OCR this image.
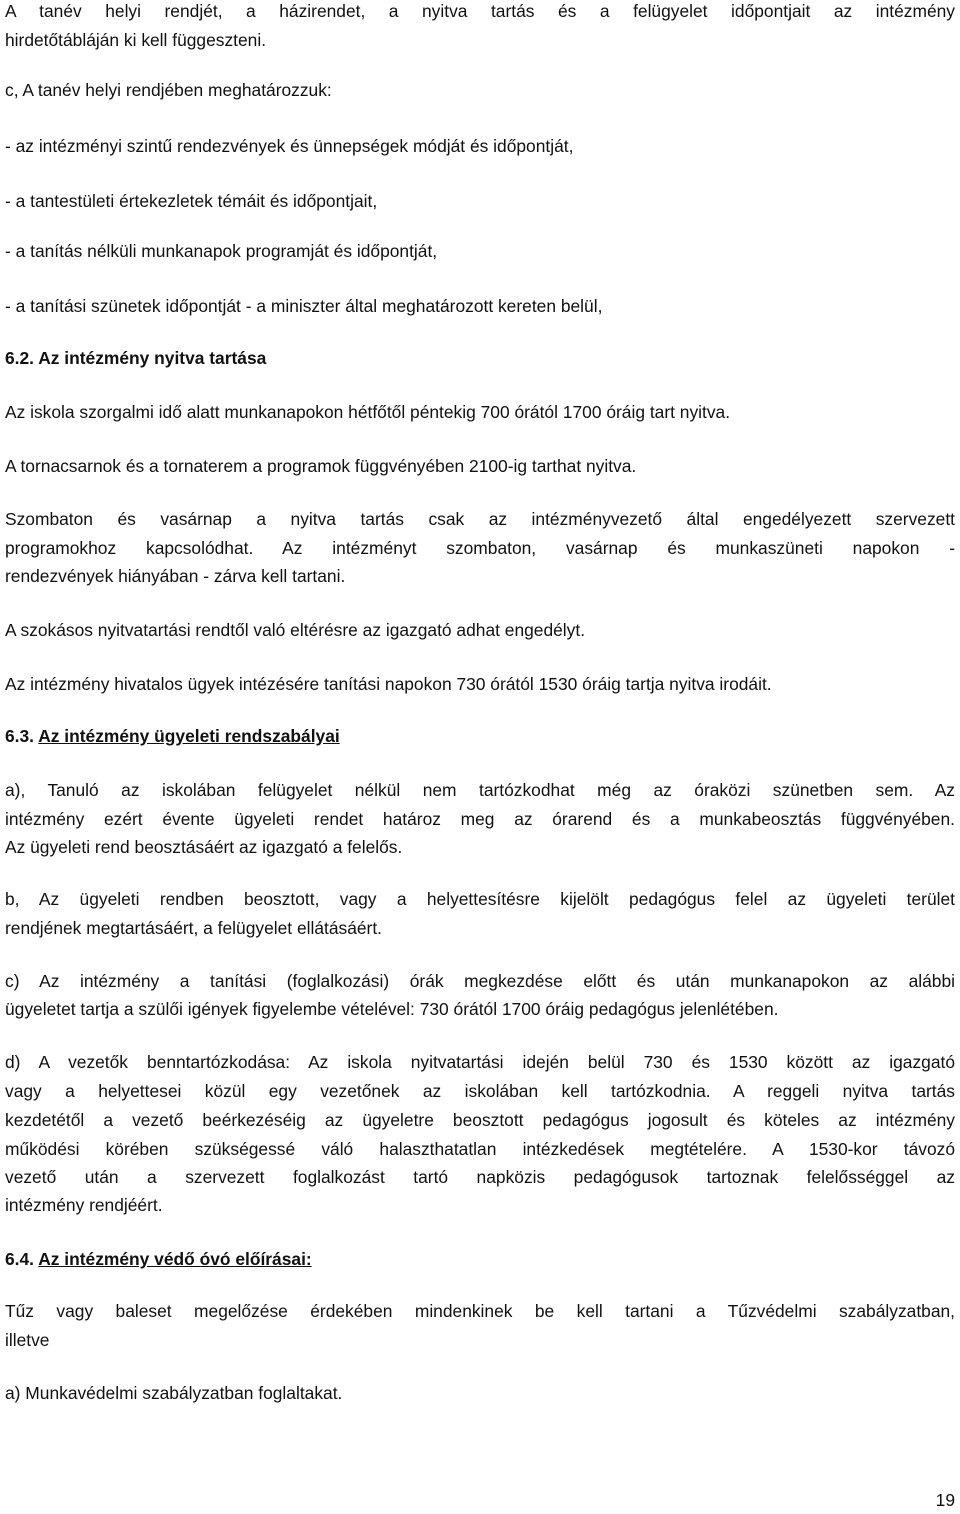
A tanév helyi rendjét, a házirendet, a nyitva tartás és a felügyelet időpontjait az intézmény
hirdetőtábláján ki kell függeszteni.
c, A tanév helyi rendjében meghatározzuk:
- az intézményi szintű rendezvények és ünnepségek módját és időpontját,
- a tantestületi értekezletek témáit és időpontjait,
- a tanítás nélküli munkanapok programját és időpontját,
- a tanítási szünetek időpontját - a miniszter által meghatározott kereten belül,
6.2. Az intézmény nyitva tartása
Az iskola szorgalmi idő alatt munkanapokon hétfőtől péntekig 700 órától 1700 óráig tart nyitva.
A tornacsarnok és a tornaterem a programok függvényében 2100-ig tarthat nyitva.
Szombaton és vasárnap a nyitva tartás csak az intézményvezető által engedélyezett szervezett
programokhoz kapcsolódhat. Az intézményt szombaton, vasárnap és munkaszüneti napokon -
rendezvények hiányában - zárva kell tartani.
A szokásos nyitvatartási rendtől való eltérésre az igazgató adhat engedélyt.
Az intézmény hivatalos ügyek intézésére tanítási napokon 730 órától 1530 óráig tartja nyitva irodáit.
6.3. Az intézmény ügyeleti rendszabályai
a), Tanuló az iskolában felügyelet nélkül nem tartózkodhat még az óraközi szünetben sem. Az
intézmény ezért évente ügyeleti rendet határoz meg az órarend és a munkabeosztás függvényében.
Az ügyeleti rend beosztásáért az igazgató a felelős.
b, Az ügyeleti rendben beosztott, vagy a helyettesítésre kijelölt pedagógus felel az ügyeleti terület
rendjének megtartásáért, a felügyelet ellátásáért.
c) Az intézmény a tanítási (foglalkozási) órák megkezdése előtt és után munkanapokon az alábbi
ügyeletet tartja a szülői igények figyelembe vételével: 730 órától 1700 óráig pedagógus jelenlétében.
d) A vezetők benntartózkodása: Az iskola nyitvatartási idején belül 730 és 1530 között az igazgató
vagy a helyettesei közül egy vezetőnek az iskolában kell tartózkodnia. A reggeli nyitva tartás
kezdetétől a vezető beérkezéséig az ügyeletre beosztott pedagógus jogosult és köteles az intézmény
működési körében szükségessé váló halaszthatatlan intézkedések megtételére. A 1530-kor távozó
vezető után a szervezett foglalkozást tartó napközis pedagógusok tartoznak felelősséggel az
intézmény rendjéért.
6.4. Az intézmény védő óvó előírásai:
Tűz vagy baleset megelőzése érdekében mindenkinek be kell tartani a Tűzvédelmi szabályzatban,
illetve
a) Munkavédelmi szabályzatban foglaltakat.
19
